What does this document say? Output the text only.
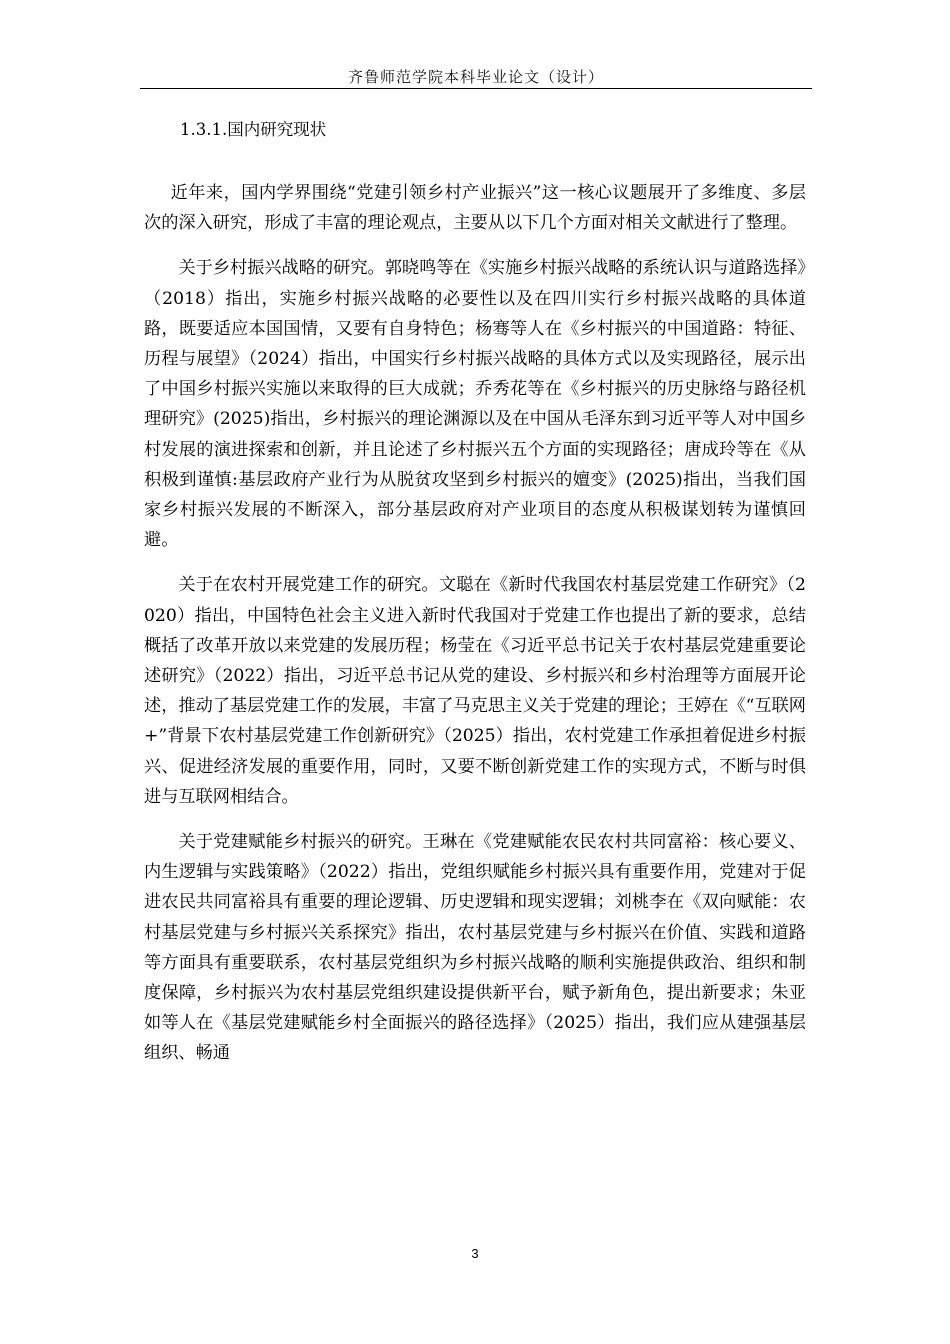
齐鲁师范学院本科毕业论文（设计）
1.3.1.国内研究现状

近年来，国内学界围绕“党建引领乡村产业振兴”这一核心议题展开了多维度、多层次的深入研究，形成了丰富的理论观点，主要从以下几个方面对相关文献进行了整理。

关于乡村振兴战略的研究。郭晓鸣等在《实施乡村振兴战略的系统认识与道路选择》（2018）指出，实施乡村振兴战略的必要性以及在四川实行乡村振兴战略的具体道路，既要适应本国国情，又要有自身特色；杨骞等人在《乡村振兴的中国道路：特征、历程与展望》（2024）指出，中国实行乡村振兴战略的具体方式以及实现路径，展示出了中国乡村振兴实施以来取得的巨大成就；乔秀花等在《乡村振兴的历史脉络与路径机理研究》(2025)指出，乡村振兴的理论渊源以及在中国从毛泽东到习近平等人对中国乡村发展的演进探索和创新，并且论述了乡村振兴五个方面的实现路径；唐成玲等在《从积极到谨慎:基层政府产业行为从脱贫攻坚到乡村振兴的嬗变》(2025)指出，当我们国家乡村振兴发展的不断深入，部分基层政府对产业项目的态度从积极谋划转为谨慎回避。

关于在农村开展党建工作的研究。文聪在《新时代我国农村基层党建工作研究》（2020）指出，中国特色社会主义进入新时代我国对于党建工作也提出了新的要求，总结概括了改革开放以来党建的发展历程；杨莹在《习近平总书记关于农村基层党建重要论述研究》（2022）指出，习近平总书记从党的建设、乡村振兴和乡村治理等方面展开论述，推动了基层党建工作的发展，丰富了马克思主义关于党建的理论；王婷在《“互联网+”背景下农村基层党建工作创新研究》（2025）指出，农村党建工作承担着促进乡村振兴、促进经济发展的重要作用，同时，又要不断创新党建工作的实现方式，不断与时俱进与互联网相结合。

关于党建赋能乡村振兴的研究。王琳在《党建赋能农民农村共同富裕：核心要义、内生逻辑与实践策略》（2022）指出，党组织赋能乡村振兴具有重要作用，党建对于促进农民共同富裕具有重要的理论逻辑、历史逻辑和现实逻辑；刘桃李在《双向赋能：农村基层党建与乡村振兴关系探究》指出，农村基层党建与乡村振兴在价值、实践和道路等方面具有重要联系，农村基层党组织为乡村振兴战略的顺利实施提供政治、组织和制度保障，乡村振兴为农村基层党组织建设提供新平台，赋予新角色，提出新要求；朱亚如等人在《基层党建赋能乡村全面振兴的路径选择》（2025）指出，我们应从建强基层组织、畅通

3
